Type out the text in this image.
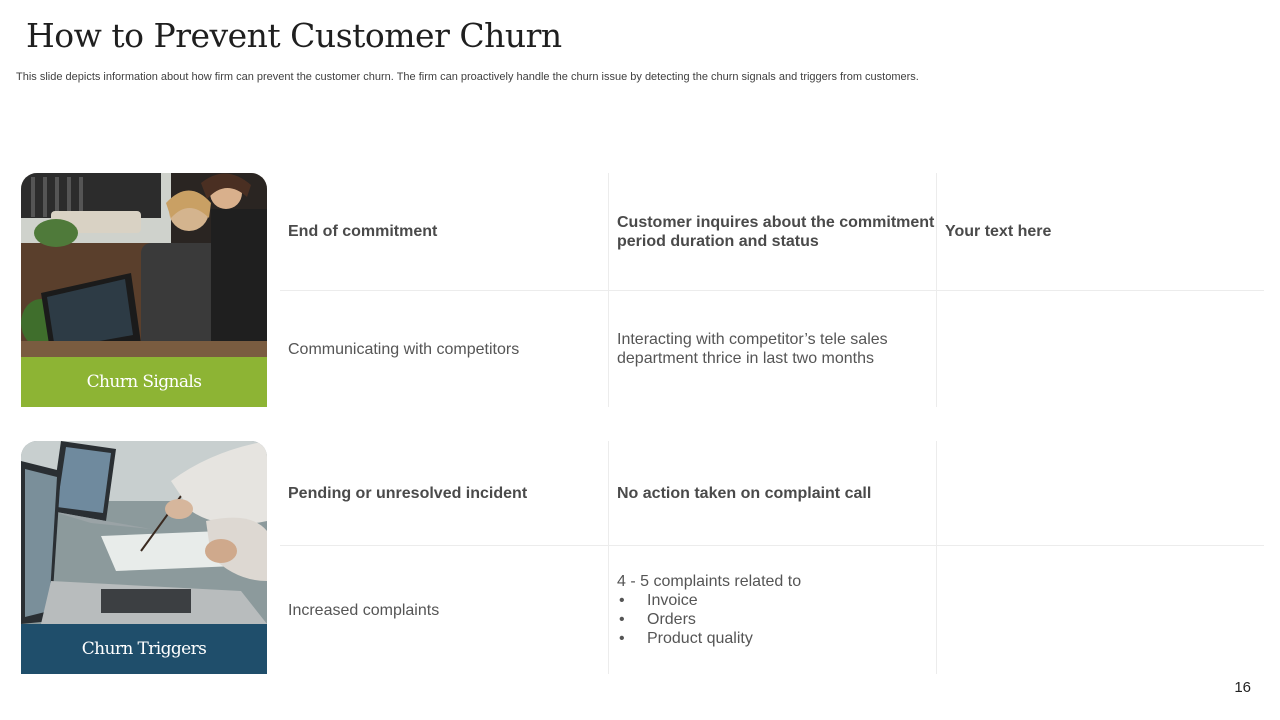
How to Prevent Customer Churn

This slide depicts information about how firm can prevent the customer churn. The firm can proactively handle the churn issue by detecting the churn signals and triggers from customers.

Churn Signals
End of commitment
Customer inquires about the commitment period duration and status
Your text here
Communicating with competitors
Interacting with competitor’s tele sales department thrice in last two months
Churn Triggers
Pending or unresolved incident	No action taken on complaint call
Increased complaints
4 - 5 complaints related to
• Invoice
• Orders
• Product quality
16
